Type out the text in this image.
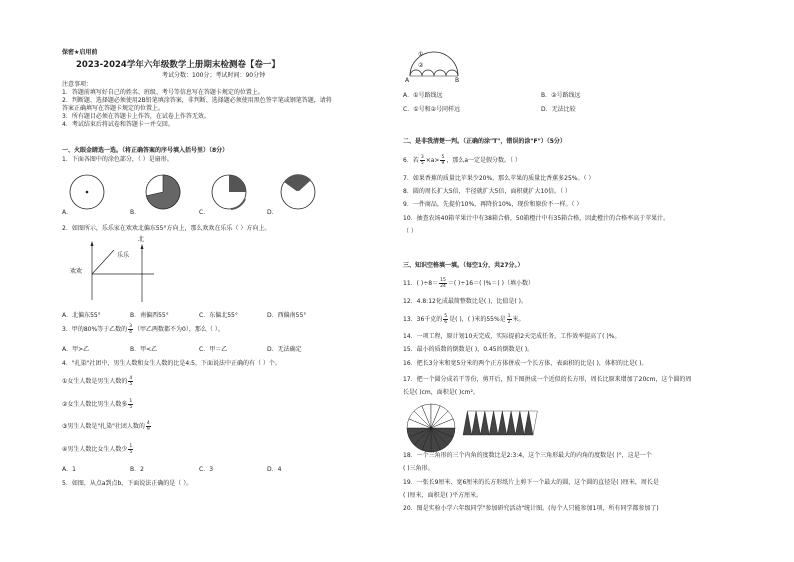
保密★启用前
2023-2024学年六年级数学上册期末检测卷【卷一】
考试分数：100分；考试时间：90分钟
注意事项：
1．答题前填写好自己的姓名、班级、考号等信息写在答题卡规定的位置上。
2．判断题、选择题必须使用2B铅笔填涂答案，非判断、选择题必须使用黑色签字笔或钢笔答题，请将
答案正确填写在答题卡规定的位置上。
3．所有题目必须在答题卡上作答，在试卷上作答无效。
4．考试结束后将试卷和答题卡一并交回。
一、火眼金睛选一选。（将正确答案的序号填入括号里）（8分）
1．下面各图中的涂色部分，（ ）是扇形。
A．	B．	C．	D．
2．如图所示，乐乐家在欢欢北偏东55°方向上，那么欢欢在乐乐（ ）方向上。
北
乐乐
欢欢
A．北偏东55°	B．南偏西55°	C．东偏北55°	D．西偏南55°
3．甲的80%等于乙数的 $\frac{3}{4}$ （甲乙两数都不为0），那么（ ）。
A．甲>乙	B．甲<乙	C．甲＝乙	D．无法确定
4．"扎染"社团中，男生人数和女生人数的比是4:5，下面说法中正确的有（ ）个。
①女生人数是男生人数的 $\frac{4}{5}$
②女生人数比男生人数多 $\frac{1}{5}$
③男生人数是"扎染"社团人数的 $\frac{4}{9}$
④男生人数比女生人数少 $\frac{1}{5}$
A．1	B．2	C．3	D．4
5．如图，从点a到点b，下面说法正确的是（ ）。
①
②
A	B
A．①号路线远	B．②号路线远
C．①号和②号同样远	D．无法比较
二、是非我清楚一判。（正确的涂"T"，错误的涂"F"）（5分）
6．若 $\frac{3}{5} \times a> \frac{5}{9}$ ，那么a一定是假分数。（ ）
7．如果香蕉的质量比苹果少20%，那么苹果的质量比香蕉多25%。（ ）
8．圆的周长扩大5倍，半径就扩大5倍，面积就扩大10倍。（ ）
9．一件商品，先提价10%，再降价10%，现价和原价不一样。（ ）
10．抽查农场40箱苹果汁中有38箱合格，50箱橙汁中有35箱合格，因此橙汁的合格率高于苹果汁。
（ ）
三、知识空格填一填。（每空1分，共27分。）
11．( )$\div 8= \frac{15}{24}$ ＝( )÷16＝( )%＝( )（填小数）
12．4.8:12化成最简整数比是( )，比值是( )。
13．36千克的 $\frac{5}{6}$ 是( )，( )米的55%是 $\frac{1}{2}$ 米。
14．一项工程，原计划10天完成，实际提前2天完成任务，工作效率提高了( )%。
15．最小的质数的倒数是( )，0.45的倒数是( )。
16．把长3分米和宽5分米的两个正方体拼成一个长方体，表面积的比是( )，体积的比是( )。
17．把一个圆分成若干等份，剪开后，照下图拼成一个近似的长方形，周长比原来增加了20cm，这个圆的周
长是( )cm，面积是( )cm²。
18．一个三角形的三个内角的度数比是2:3:4，这个三角形最大的内角的度数是( )°，这是一个
( )三角形。
19．一张长9厘米、宽6厘米的长方形纸片上剪下一个最大的圆，这个圆的直径是( )厘米，周长是
( )厘米，面积是( )平方厘米。
20．图是实验小学六年级同学"参加研究活动"统计图。(每个人只能参加1项，所有同学都参加了)
